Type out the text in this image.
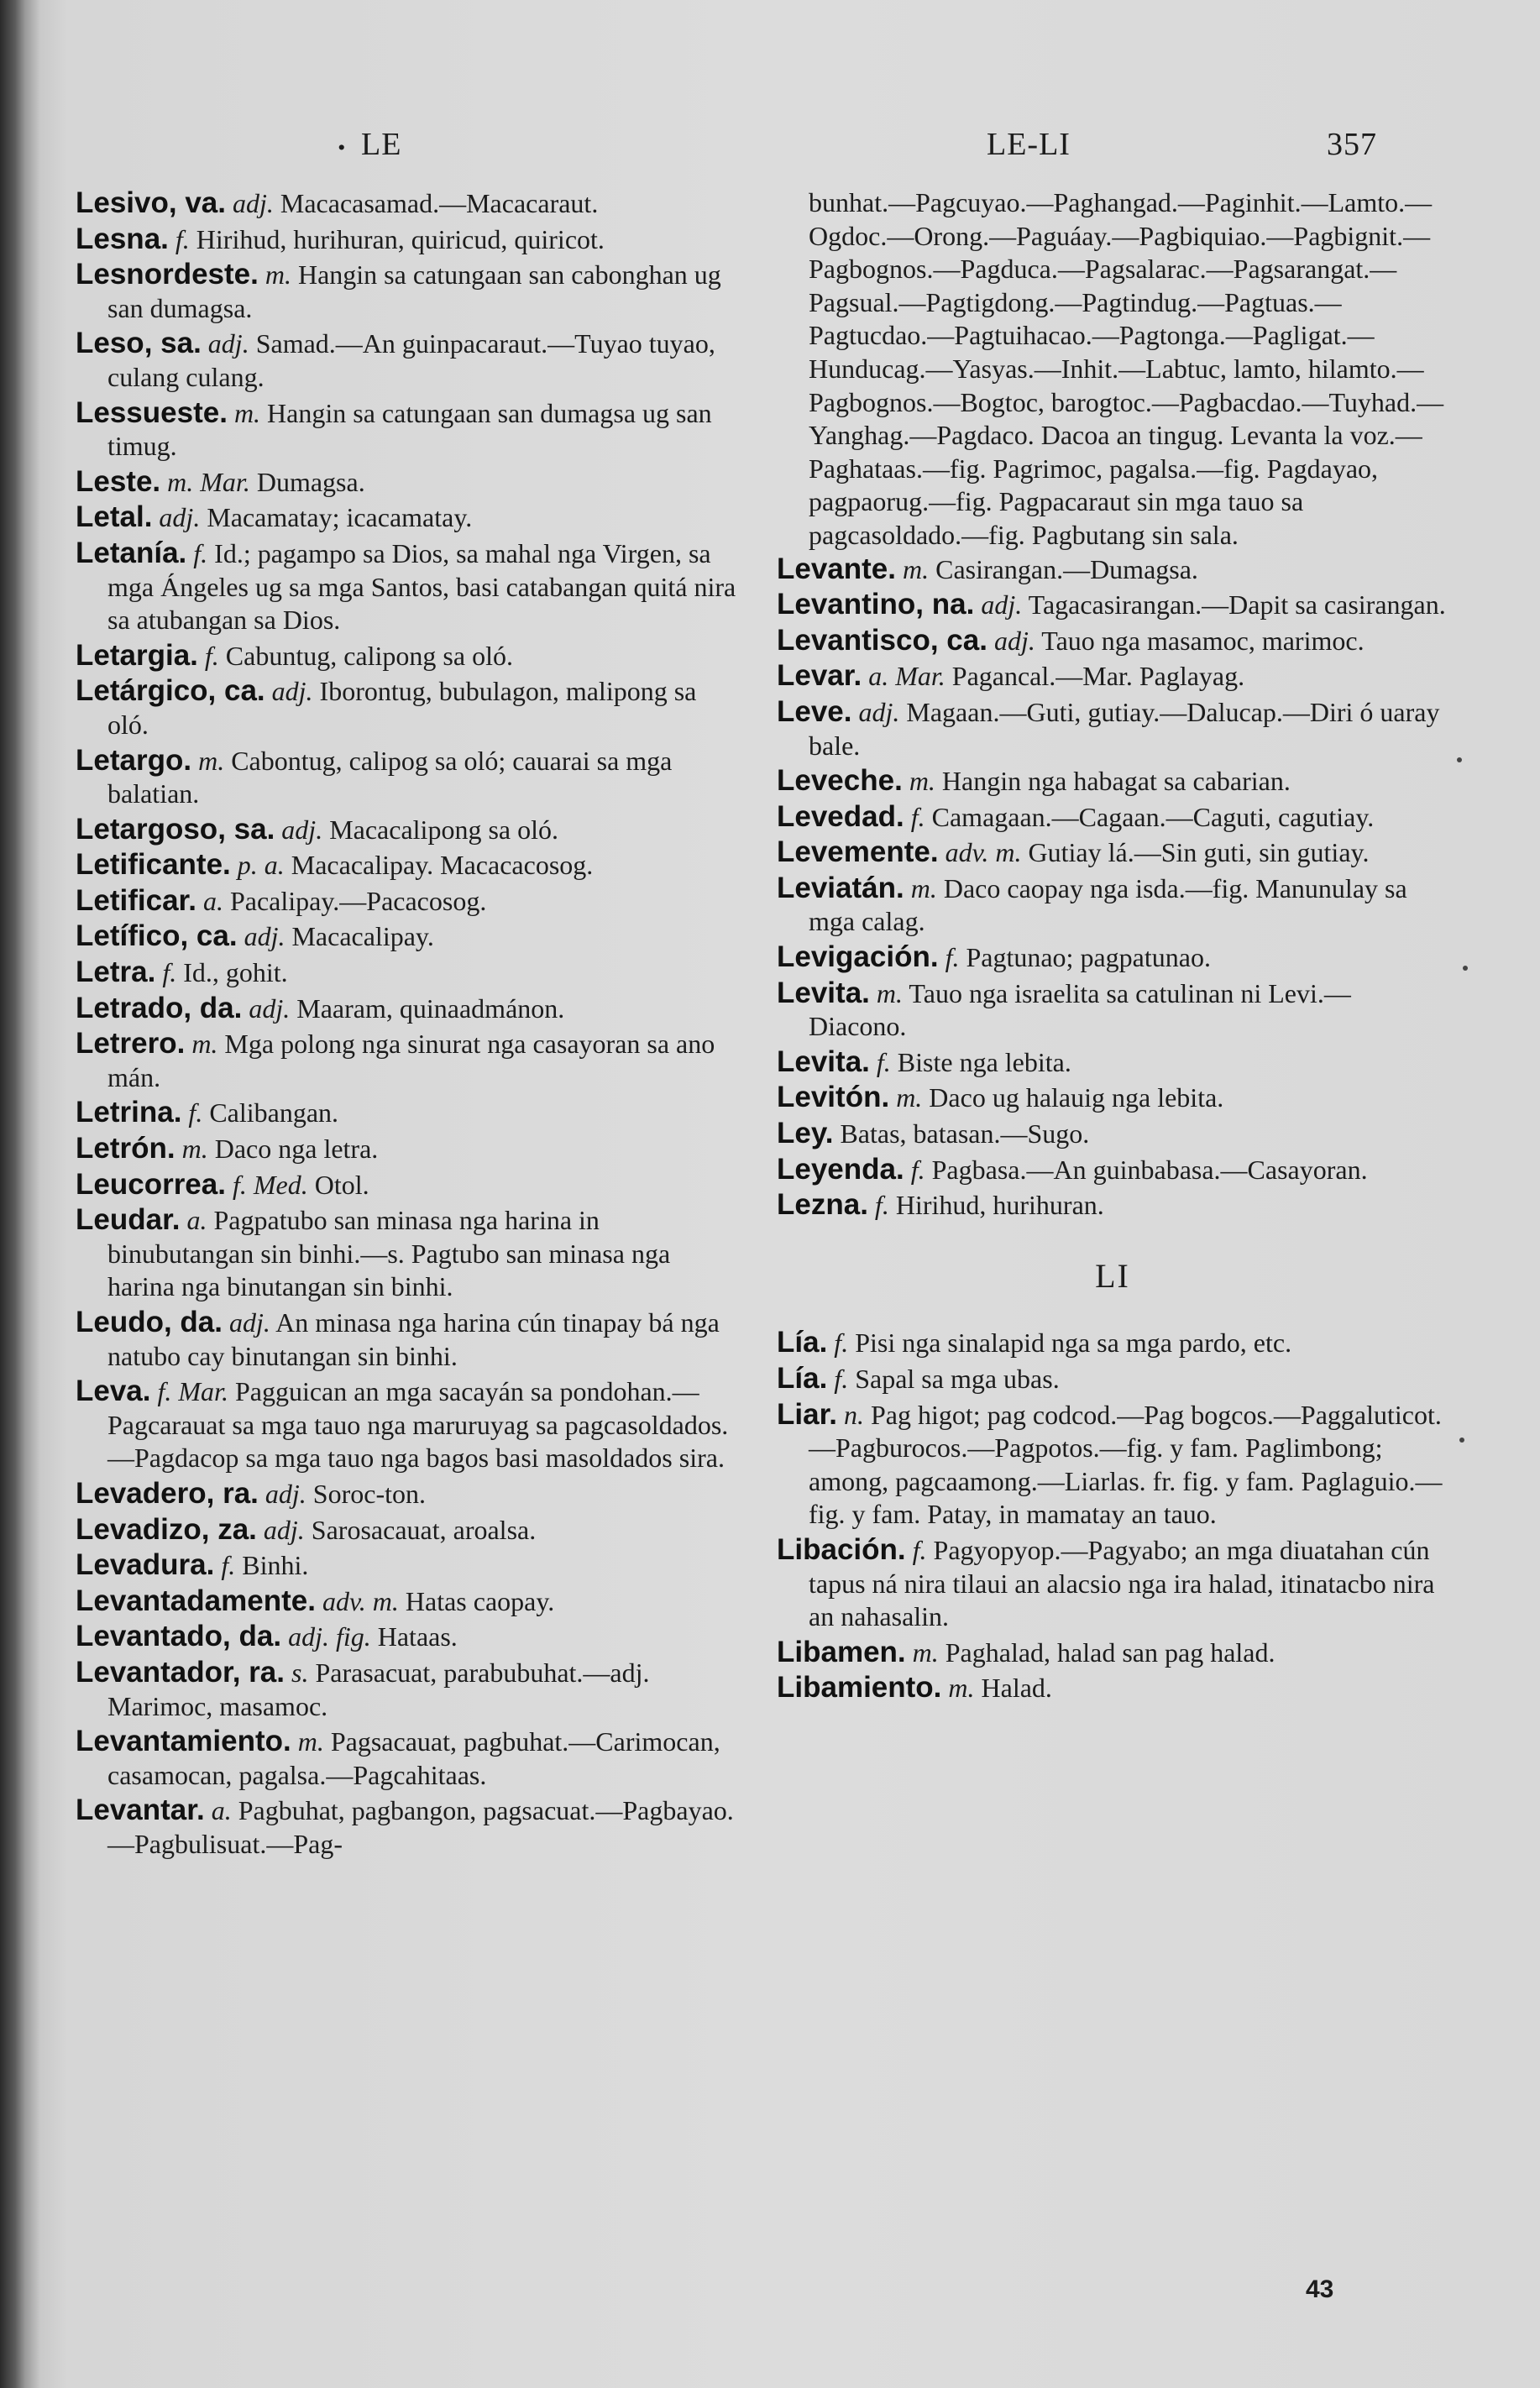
. LE	LE-LI	357

Lesivo, va. adj. Macacasamad.—Macacaraut.

Lesna. f. Hirihud, hurihuran, quiricud, quiricot.

Lesnordeste. m. Hangin sa catungaan san cabonghan ug san dumagsa.

Leso, sa. adj. Samad.—An guinpacaraut.—Tuyao tuyao, culang culang.

Lessueste. m. Hangin sa catungaan san dumagsa ug san timug.

Leste. m. Mar. Dumagsa.

Letal. adj. Macamatay; icacamatay.

Letanía. f. Id.; pagampo sa Dios, sa mahal nga Virgen, sa mga Ángeles ug sa mga Santos, basi catabangan quitá nira sa atubangan sa Dios.

Letargia. f. Cabuntug, calipong sa oló.

Letárgico, ca. adj. Iborontug, bubulagon, malipong sa oló.

Letargo. m. Cabontug, calipog sa oló; cauarai sa mga balatian.

Letargoso, sa. adj. Macacalipong sa oló.

Letificante. p. a. Macacalipay. Macacacosog.

Letificar. a. Pacalipay.—Pacacosog.

Letífico, ca. adj. Macacalipay.

Letra. f. Id., gohit.

Letrado, da. adj. Maaram, quinaadmánon.

Letrero. m. Mga polong nga sinurat nga casayoran sa ano mán.

Letrina. f. Calibangan.

Letrón. m. Daco nga letra.

Leucorrea. f. Med. Otol.

Leudar. a. Pagpatubo san minasa nga harina in binubutangan sin binhi.—s. Pagtubo san minasa nga harina nga binutangan sin binhi.

Leudo, da. adj. An minasa nga harina cún tinapay bá nga natubo cay binutangan sin binhi.

Leva. f. Mar. Pagguican an mga sacayán sa pondohan.—Pagcarauat sa mga tauo nga maruruyag sa pagcasoldados.—Pagdacop sa mga tauo nga bagos basi masoldados sira.

Levadero, ra. adj. Soroc-ton.

Levadizo, za. adj. Sarosacauat, aroalsa.

Levadura. f. Binhi.

Levantadamente. adv. m. Hatas caopay.

Levantado, da. adj. fig. Hataas.

Levantador, ra. s. Parasacuat, parabubuhat.—adj. Marimoc, masamoc.

Levantamiento. m. Pagsacauat, pagbuhat.—Carimocan, casamocan, pagalsa.—Pagcahitaas.

Levantar. a. Pagbuhat, pagbangon, pagsacuat.—Pagbayao.—Pagbulisuat.—Pag-

bunhat.—Pagcuyao.—Paghangad.—Paginhit.—Lamto.—Ogdoc.—Orong.—Paguáay.—Pagbiquiao.—Pagbignit.—Pagbognos.—Pagduca.—Pagsalarac.—Pagsarangat.—Pagsual.—Pagtigdong.—Pagtindug.—Pagtuas.—Pagtucdao.—Pagtuihacao.—Pagtonga.—Pagligat.—Hunducag.—Yasyas.—Inhit.—Labtuc, lamto, hilamto.—Pagbognos.—Bogtoc, barogtoc.—Pagbacdao.—Tuyhad.—Yanghag.—Pagdaco. Dacoa an tingug. Levanta la voz.—Paghataas.—fig. Pagrimoc, pagalsa.—fig. Pagdayao, pagpaorug.—fig. Pagpacaraut sin mga tauo sa pagcasoldado.—fig. Pagbutang sin sala.

Levante. m. Casirangan.—Dumagsa.

Levantino, na. adj. Tagacasirangan.—Dapit sa casirangan.

Levantisco, ca. adj. Tauo nga masamoc, marimoc.

Levar. a. Mar. Pagancal.—Mar. Paglayag.

Leve. adj. Magaan.—Guti, gutiay.—Dalucap.—Diri ó uaray bale.

Leveche. m. Hangin nga habagat sa cabarian.

Levedad. f. Camagaan.—Cagaan.—Caguti, cagutiay.

Levemente. adv. m. Gutiay lá.—Sin guti, sin gutiay.

Leviatán. m. Daco caopay nga isda.—fig. Manunulay sa mga calag.

Levigación. f. Pagtunao; pagpatunao.

Levita. m. Tauo nga israelita sa catulinan ni Levi.—Diacono.

Levita. f. Biste nga lebita.

Levitón. m. Daco ug halauig nga lebita.

Ley. Batas, batasan.—Sugo.

Leyenda. f. Pagbasa.—An guinbabasa.—Casayoran.

Lezna. f. Hirihud, hurihuran.

LI

Lía. f. Pisi nga sinalapid nga sa mga pardo, etc.

Lía. f. Sapal sa mga ubas.

Liar. n. Pag higot; pag codcod.—Pag bogcos.—Paggaluticot.—Pagburocos.—Pagpotos.—fig. y fam. Paglimbong; among, pagcaamong.—Liarlas. fr. fig. y fam. Paglaguio.—fig. y fam. Patay, in mamatay an tauo.

Libación. f. Pagyopyop.—Pagyabo; an mga diuatahan cún tapus ná nira tilaui an alacsio nga ira halad, itinatacbo nira an nahasalin.

Libamen. m. Paghalad, halad san pag halad.

Libamiento. m. Halad.

43
